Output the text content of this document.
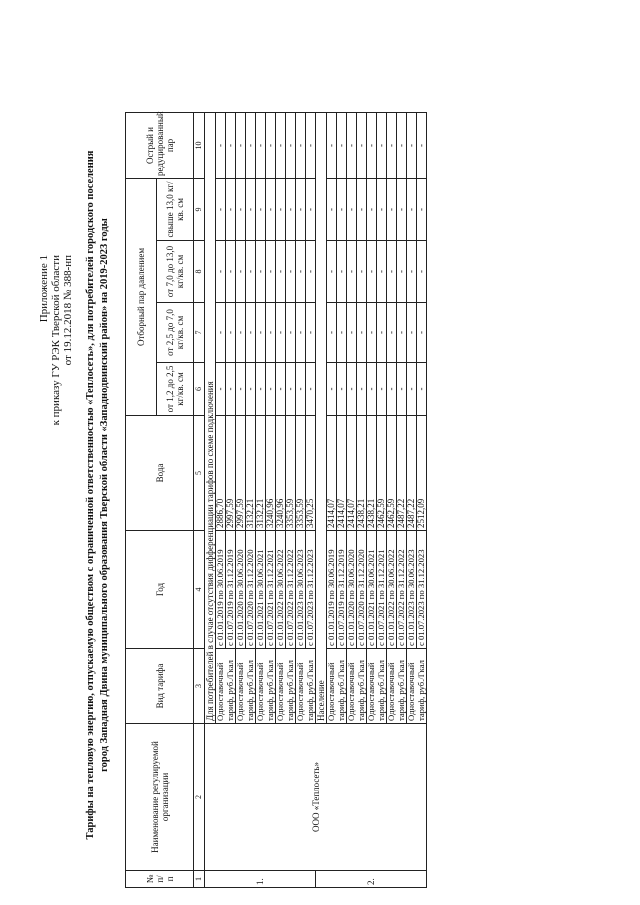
Приложение 1 к приказу ГУ РЭК Тверской области от 19.12.2018 № 388-нп Тарифы на тепловую энергию, отпускаемую обществом с ограниченной ответственностью «Теплосеть», для потребителей городского поселения город Западная Двина муниципального образования Тверской области «Западнодвинский район» на 2019-2023 годы
№ п/п	Наименование регулируемой организации	Вид тарифа	Год	Вода	Отборный пар давлением				Острый и редуцированный пар
					от 1,2 до 2,5 кг/кв. см	от 2,5 до 7,0 кг/кв. см	от 7,0 до 13,0 кг/кв. см	свыше 13,0 кг/кв. см	
1	2	3	4	5	6	7	8	9	10
1.	ООО «Теплосеть»	Для потребителей в случае отсутствия дифференциации тарифов по схеме подключения							
		Одноставочный тариф, руб./Гкал	с 01.01.2019 по 30.06.2019	2886,70	-	-	-	-	-
			с 01.07.2019 по 31.12.2019	2997,59	-	-	-	-	-
		Одноставочный тариф, руб./Гкал	с 01.01.2020 по 30.06.2020	2997,59	-	-	-	-	-
			с 01.07.2020 по 31.12.2020	3132,21	-	-	-	-	-
		Одноставочный тариф, руб./Гкал	с 01.01.2021 по 30.06.2021	3132,21	-	-	-	-	-
			с 01.07.2021 по 31.12.2021	3240,96	-	-	-	-	-
		Одноставочный тариф, руб./Гкал	с 01.01.2022 по 30.06.2022	3240,96	-	-	-	-	-
			с 01.07.2022 по 31.12.2022	3353,59	-	-	-	-	-
		Одноставочный тариф, руб./Гкал	с 01.01.2023 по 30.06.2023	3353,59	-	-	-	-	-
			с 01.07.2023 по 31.12.2023	3470,25	-	-	-	-	-
2.		Население							
		Одноставочный тариф, руб./Гкал	с 01.01.2019 по 30.06.2019	2414,07	-	-	-	-	-
			с 01.07.2019 по 31.12.2019	2414,07	-	-	-	-	-
		Одноставочный тариф, руб./Гкал	с 01.01.2020 по 30.06.2020	2414,07	-	-	-	-	-
			с 01.07.2020 по 31.12.2020	2438,21	-	-	-	-	-
		Одноставочный тариф, руб./Гкал	с 01.01.2021 по 30.06.2021	2438,21	-	-	-	-	-
			с 01.07.2021 по 31.12.2021	2462,59	-	-	-	-	-
		Одноставочный тариф, руб./Гкал	с 01.01.2022 по 30.06.2022	2462,59	-	-	-	-	-
			с 01.07.2022 по 31.12.2022	2487,22	-	-	-	-	-
		Одноставочный тариф, руб./Гкал	с 01.01.2023 по 30.06.2023	2487,22	-	-	-	-	-
			с 01.07.2023 по 31.12.2023	2512,09	-	-	-	-	-
